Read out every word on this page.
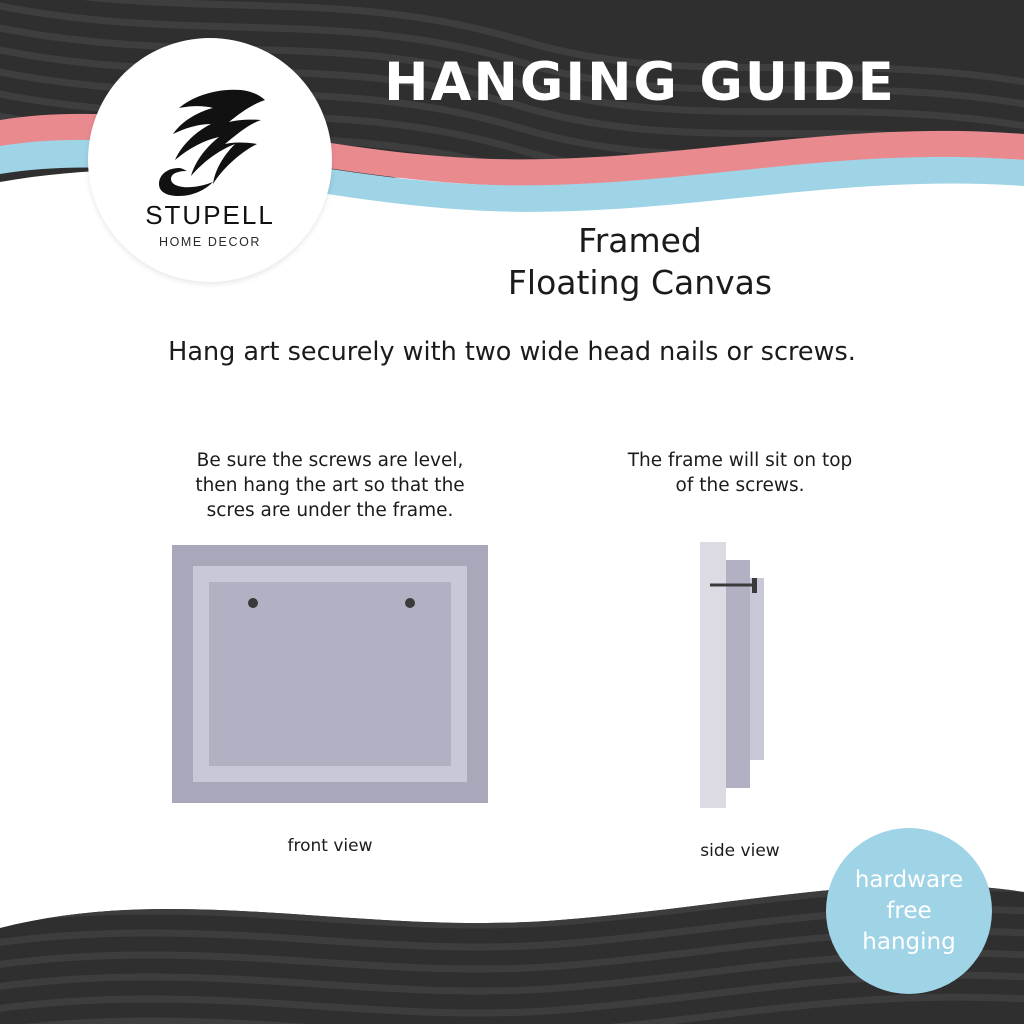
STUPELL
HOME DECOR
HANGING GUIDE
Framed
Floating Canvas
Hang art securely with two wide head nails or screws.
Be sure the screws are level,
then hang the art so that the
scres are under the frame.
front view
The frame will sit on top
of the screws.
side view
hardware
free
hanging
